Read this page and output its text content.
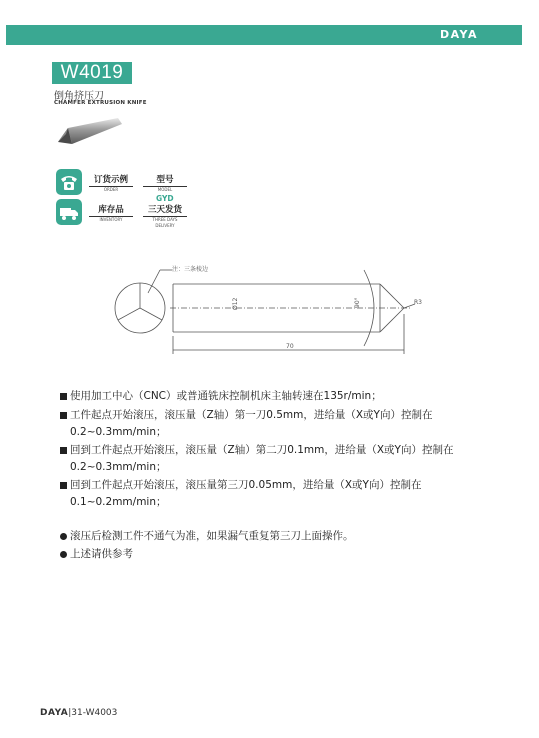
DAYA
W4019
倒角挤压刀
CHAMFER EXTRUSION KNIFE
订货示例
ORDER
型号
MODEL
GYD
库存品
INVENTORY
三天发货
THREE DAYS DELIVERY
注：三条棱边
Ø12	90°	R3
70
使用加工中心（CNC）或普通铣床控制机床主轴转速在135r/min；
工件起点开始滚压，滚压量（Z轴）第一刀0.5mm，进给量（X或Y向）控制在
0.2~0.3mm/min；
回到工件起点开始滚压，滚压量（Z轴）第二刀0.1mm，进给量（X或Y向）控制在
0.2~0.3mm/min；
回到工件起点开始滚压，滚压量第三刀0.05mm，进给量（X或Y向）控制在
0.1~0.2mm/min；
滚压后检测工件不通气为准，如果漏气重复第三刀上面操作。
上述请供参考
DAYA|31-W4003
